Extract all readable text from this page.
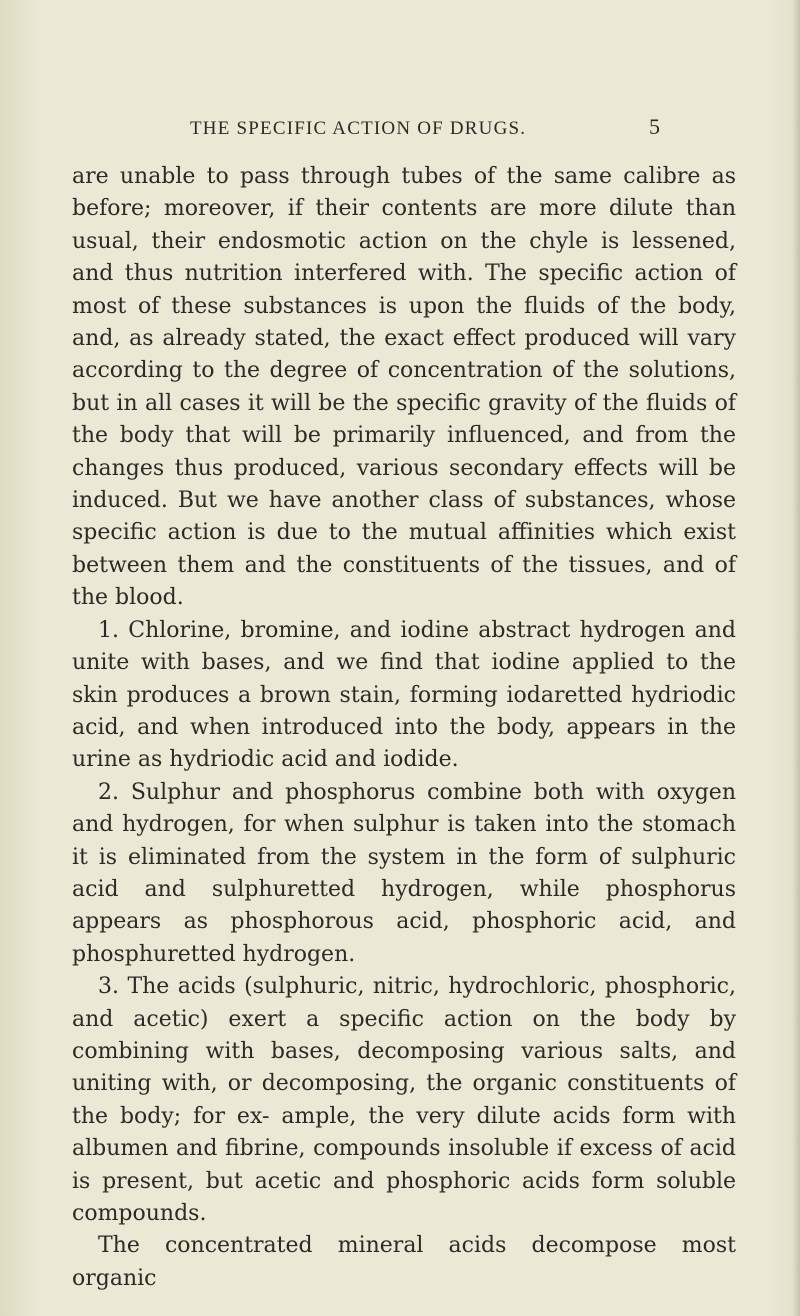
THE SPECIFIC ACTION OF DRUGS.	5

are unable to pass through tubes of the same calibre as before; moreover, if their contents are more dilute than usual, their endosmotic action on the chyle is lessened, and thus nutrition interfered with. The specific action of most of these substances is upon the fluids of the body, and, as already stated, the exact effect produced will vary according to the degree of concentration of the solutions, but in all cases it will be the specific gravity of the fluids of the body that will be primarily influenced, and from the changes thus produced, various secondary effects will be induced. But we have another class of substances, whose specific action is due to the mutual affinities which exist between them and the constituents of the tissues, and of the blood.

1. Chlorine, bromine, and iodine abstract hydrogen and unite with bases, and we find that iodine applied to the skin produces a brown stain, forming iodaretted hydriodic acid, and when introduced into the body, appears in the urine as hydriodic acid and iodide.

2. Sulphur and phosphorus combine both with oxygen and hydrogen, for when sulphur is taken into the stomach it is eliminated from the system in the form of sulphuric acid and sulphuretted hydrogen, while phosphorus appears as phosphorous acid, phosphoric acid, and phosphuretted hydrogen.

3. The acids (sulphuric, nitric, hydrochloric, phosphoric, and acetic) exert a specific action on the body by combining with bases, decomposing various salts, and uniting with, or decomposing, the organic constituents of the body; for ex- ample, the very dilute acids form with albumen and fibrine, compounds insoluble if excess of acid is present, but acetic and phosphoric acids form soluble compounds.

The concentrated mineral acids decompose most organic
